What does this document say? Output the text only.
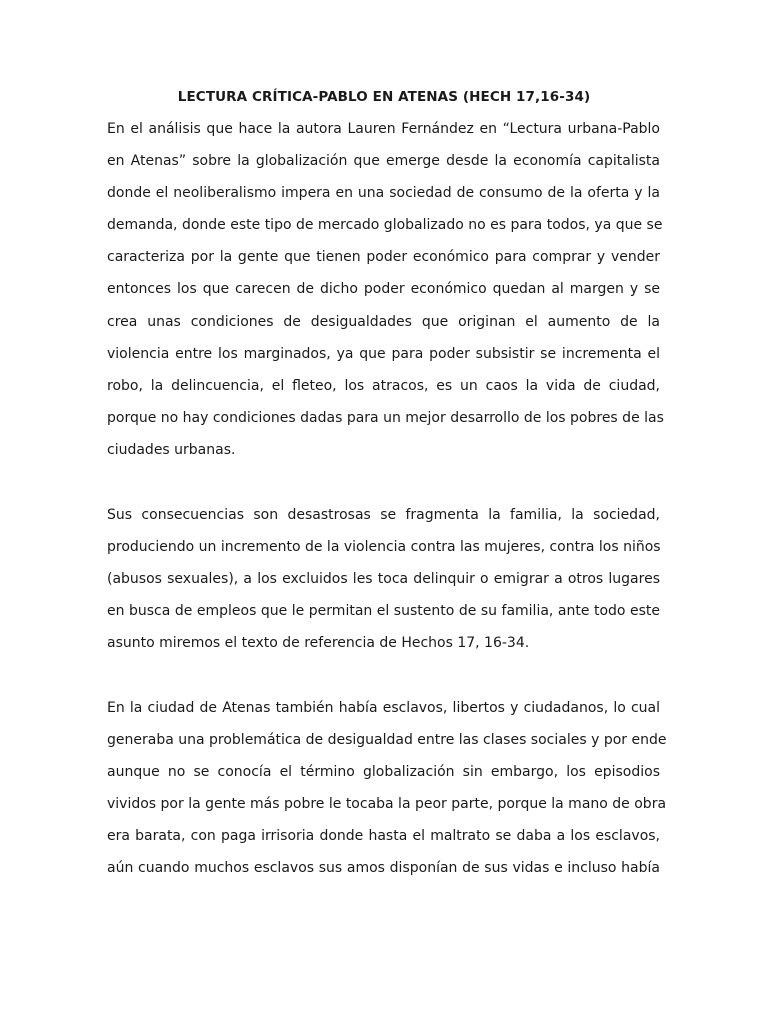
LECTURA CRÍTICA-PABLO EN ATENAS (HECH 17,16-34)
En el análisis que hace la autora Lauren Fernández en “Lectura urbana-Pablo
en Atenas” sobre la globalización que emerge desde la economía capitalista
donde el neoliberalismo impera en una sociedad de consumo de la oferta y la
demanda, donde este tipo de mercado globalizado no es para todos, ya que se
caracteriza por la gente que tienen poder económico para comprar y vender
entonces los que carecen de dicho poder económico quedan al margen y se
crea unas condiciones de desigualdades que originan el aumento de la
violencia entre los marginados, ya que para poder subsistir se incrementa el
robo, la delincuencia, el fleteo, los atracos, es un caos la vida de ciudad,
porque no hay condiciones dadas para un mejor desarrollo de los pobres de las
ciudades urbanas.
Sus consecuencias son desastrosas se fragmenta la familia, la sociedad,
produciendo un incremento de la violencia contra las mujeres, contra los niños
(abusos sexuales), a los excluidos les toca delinquir o emigrar a otros lugares
en busca de empleos que le permitan el sustento de su familia, ante todo este
asunto miremos el texto de referencia de Hechos 17, 16-34.
En la ciudad de Atenas también había esclavos, libertos y ciudadanos, lo cual
generaba una problemática de desigualdad entre las clases sociales y por ende
aunque no se conocía el término globalización sin embargo, los episodios
vividos por la gente más pobre le tocaba la peor parte, porque la mano de obra
era barata, con paga irrisoria donde hasta el maltrato se daba a los esclavos,
aún cuando muchos esclavos sus amos disponían de sus vidas e incluso había
